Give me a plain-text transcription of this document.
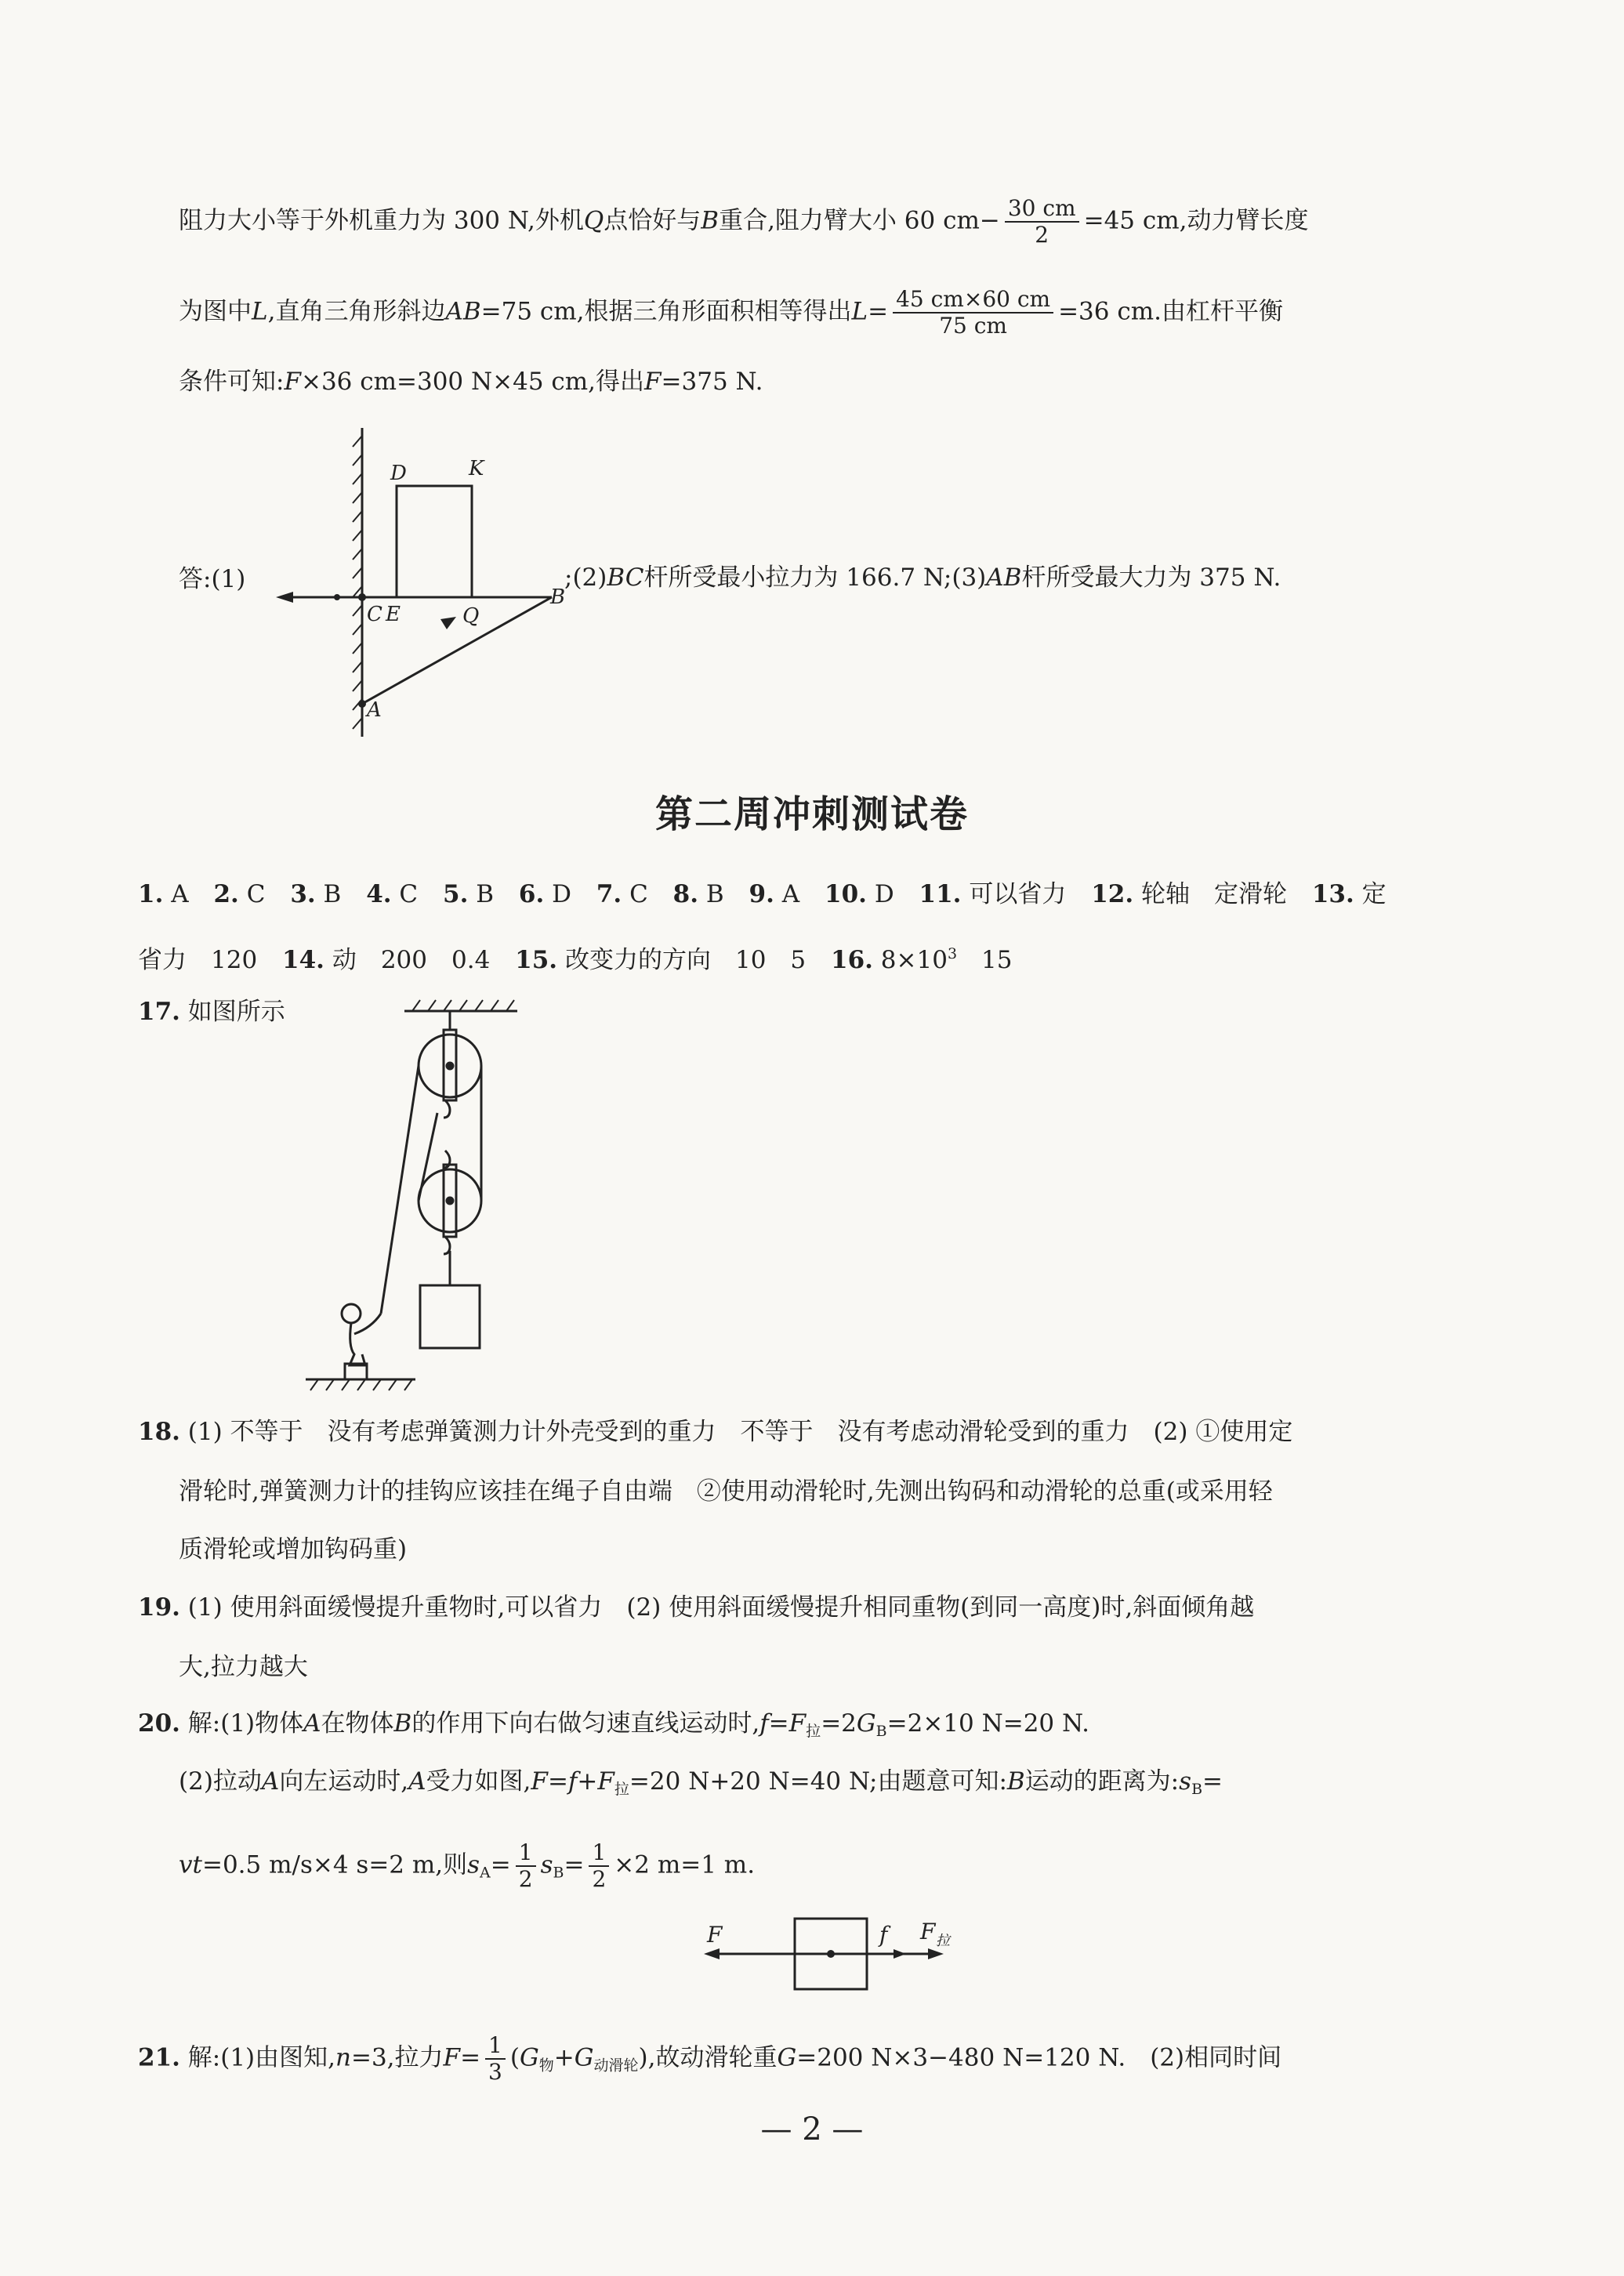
阻力大小等于外机重力为 300 N,外机Q点恰好与B重合,阻力臂大小 60 $cm- \frac{30 cm}{2} =45$ cm,动力臂长度
为图中L,直角三角形斜边AB=75 cm,根据三角形面积相等得出$L= \frac{45 cm\times 60 cm}{75 cm} =36$ cm.由杠杆平衡
条件可知:F×36 cm=300 N×45 cm,得出F=375 N.
答:(1)	;(2)BC杆所受最小拉力为 166.7 N;(3)AB杆所受最大力为 375 N.
D	K
C E	Q
B
A
第二周冲刺测试卷
1. A 2. C 3. B 4. C 5. B 6. D 7. C 8. B 9. A 10. D 11. 可以省力 12. 轮轴　定滑轮 13. 定
省力　120 14. 动　200　0.4 15. 改变力的方向　10　5 16. $8\times 10^3$　 15
17. 如图所示
18. (1) 不等于　没有考虑弹簧测力计外壳受到的重力　不等于　没有考虑动滑轮受到的重力　(2) ①使用定
滑轮时,弹簧测力计的挂钩应该挂在绳子自由端　②使用动滑轮时,先测出钩码和动滑轮的总重(或采用轻
质滑轮或增加钩码重)
19. (1) 使用斜面缓慢提升重物时,可以省力　(2) 使用斜面缓慢提升相同重物(到同一高度)时,斜面倾角越
大,拉力越大
20. 解:(1)物体A在物体B的作用下向右做匀速直线运动时$,f=F_拉=2G_B=2\times 10$ N=20 N.
(2)拉动A向左运动时,A受力如图$,F=f+F_拉=20$ N+20 N=40 N;由题意可知:B运动的距离为$:s_B=$
vt=0.5 m/s×4 s=2 m,则$s_A= \frac{1}{2} s_B= \frac{1}{2} \times 2$ m=1 m.
F	f F 拉
21. 解:(1)由图知,n=3,拉力$F= \frac{1}{3} (G_物+G_{动滑轮})$,故动滑轮重G=200 N×3−480 N=120 N.　(2)相同时间
— 2 —
